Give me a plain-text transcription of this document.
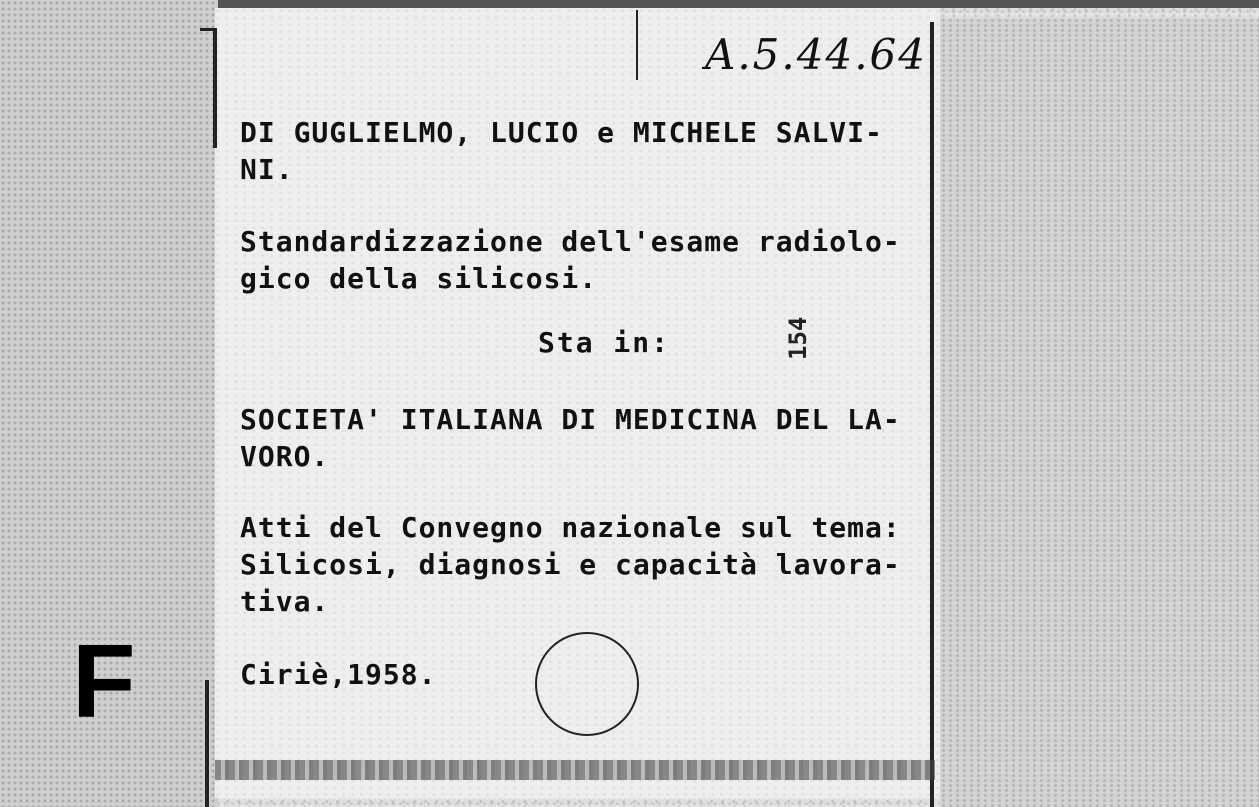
A.5.44.64
DI GUGLIELMO, LUCIO e MICHELE SALVI-
NI.
Standardizzazione dell'esame radiolo-
gico della silicosi.
Sta in:	154
SOCIETA' ITALIANA DI MEDICINA DEL LA-
VORO.
Atti del Convegno nazionale sul tema:
Silicosi, diagnosi e capacità lavora-
tiva.
Ciriè,1958.
F
